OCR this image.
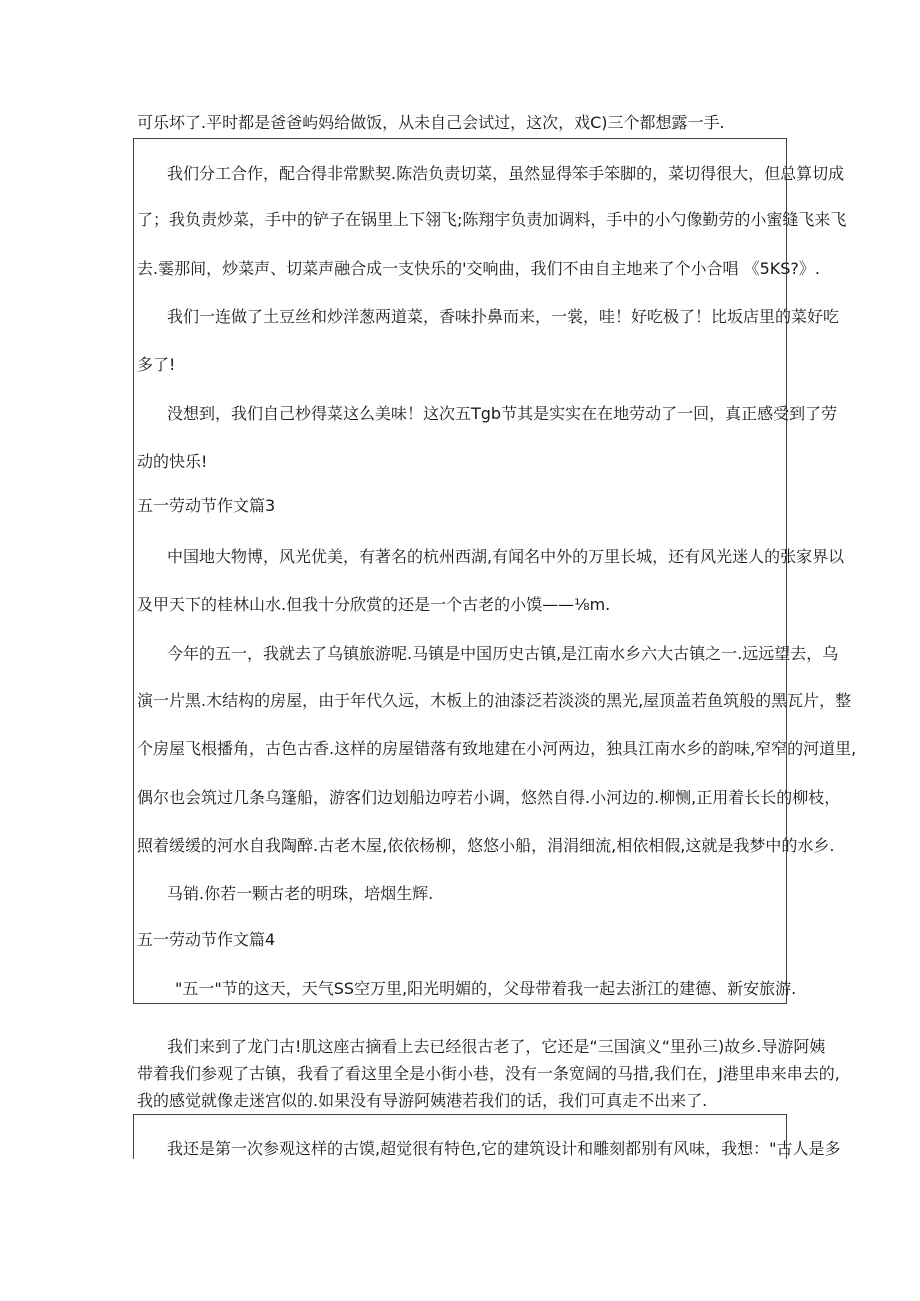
可乐坏了.平时都是爸爸屿妈给做饭，从未自己会试过，这次，戏C)三个都想露一手.
我们分工合作，配合得非常默契.陈浩负责切菜，虽然显得笨手笨脚的，菜切得很大，但总算切成
了；我负责炒菜，手中的铲子在锅里上下翎飞;陈翔宇负责加调料，手中的小勺像勤劳的小蜜缝飞来飞
去.霎那间，炒菜声、切菜声融合成一支快乐的'交响曲，我们不由自主地来了个小合唱 《5KS?》.
我们一连做了土豆丝和炒洋葱两道菜，香味扑鼻而来，一裳，哇！好吃极了！比坂店里的菜好吃
多了!
没想到，我们自己杪得菜这么美味！这次五Tgb节其是实实在在地劳动了一回，真正感受到了劳
动的快乐!
五一劳动节作文篇3
中国地大物博，风光优美，有著名的杭州西湖,有闻名中外的万里长城，还有风光迷人的张家界以
及甲天下的桂林山水.但我十分欣赏的还是一个古老的小馍——⅛m.
今年的五一，我就去了乌镇旅游呢.马镇是中国历史古镇,是江南水乡六大古镇之一.远远望去，乌
演一片黑.木结构的房屋，由于年代久远，木板上的油漆泛若淡淡的黑光,屋顶盖若鱼筑般的黑瓦片，整
个房屋飞根播角，古色古香.这样的房屋错落有致地建在小河两边，独具江南水乡的韵味,窄窄的河道里,
偶尔也会筑过几条乌篷船，游客们边划船边哼若小调，悠然自得.小河边的.柳恻,正用着长长的柳枝，
照着缓缓的河水自我陶醉.古老木屋,依依杨柳，悠悠小船，涓涓细流,相依相假,这就是我梦中的水乡.
马销.你若一颗古老的明珠，培烟生辉.
五一劳动节作文篇4
"五一"节的这天，天气SS空万里,阳光明媚的，父母带着我一起去浙江的建德、新安旅游.
我们来到了龙门古!肌这座古摘看上去已经很古老了，它还是“三国演义“里孙三)故乡.导游阿姨
带着我们参观了古镇，我看了看这里全是小街小巷，没有一条宽阔的马措,我们在，J港里串来串去的,
我的感觉就像走迷宫似的.如果没有导游阿姨港若我们的话，我们可真走不出来了.
我还是第一次参观这样的古馍,超觉很有特色,它的建筑设计和雕刻都别有风味，我想："古人是多
